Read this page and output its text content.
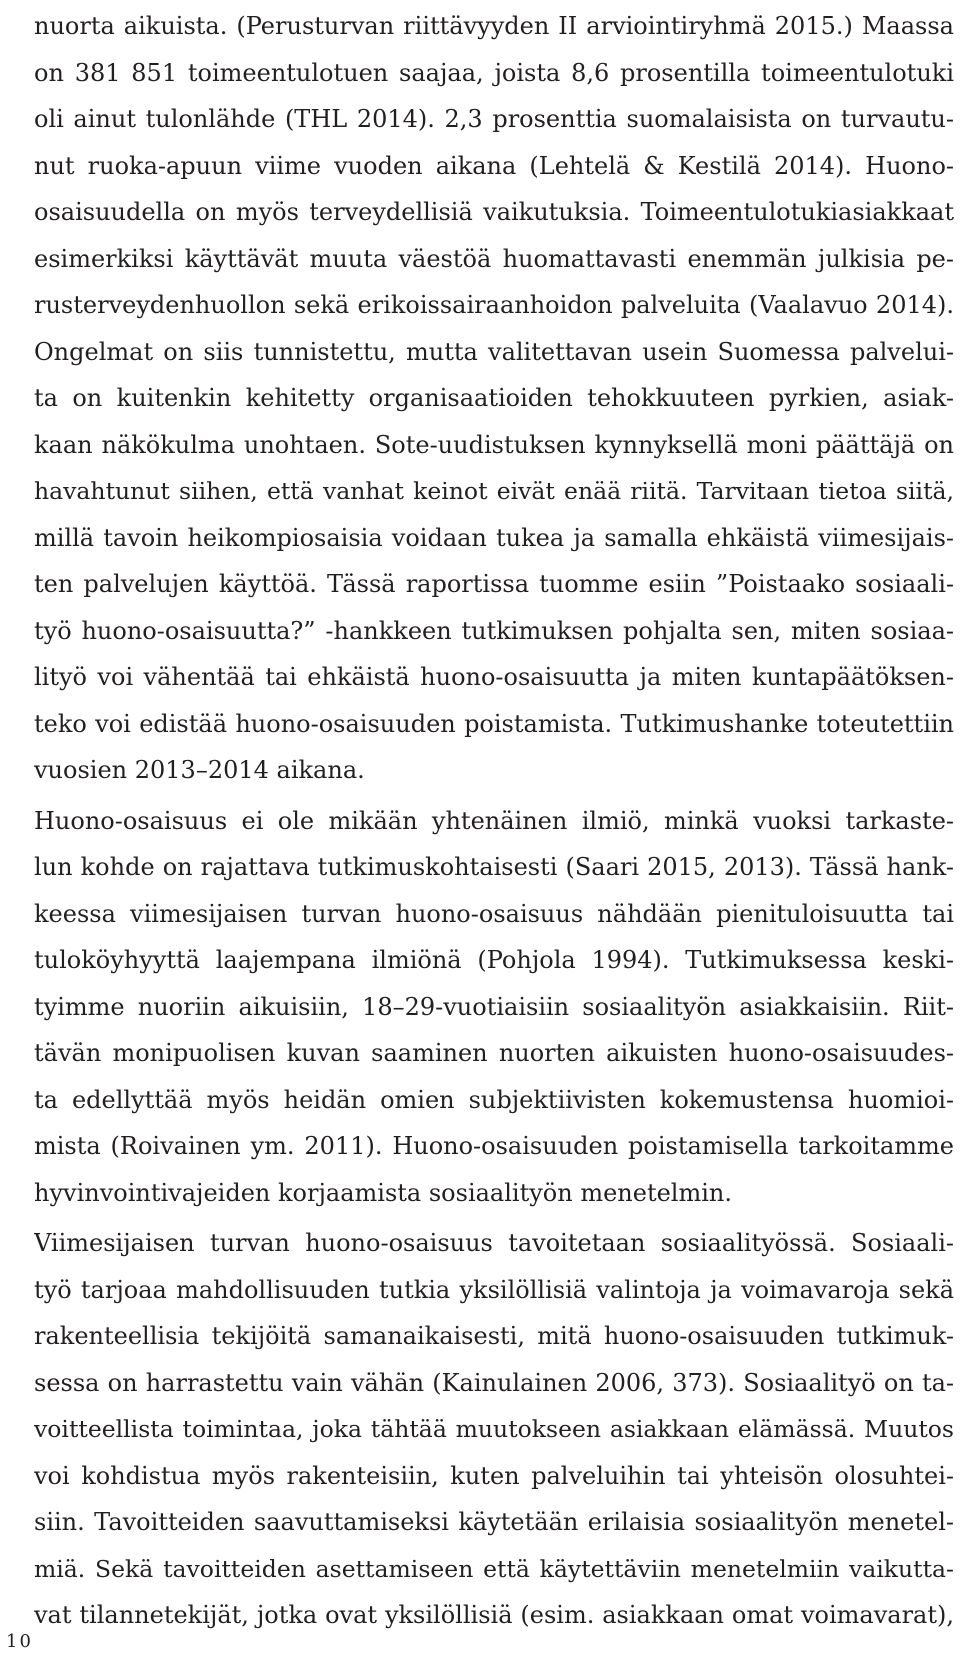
nuorta aikuista. (Perusturvan riittävyyden II arviointiryhmä 2015.) Maassa
on 381 851 toimeentulotuen saajaa, joista 8,6 prosentilla toimeentulotuki
oli ainut tulonlähde (THL 2014). 2,3 prosenttia suomalaisista on turvautu-
nut ruoka-apuun viime vuoden aikana (Lehtelä & Kestilä 2014). Huono-
osaisuudella on myös terveydellisiä vaikutuksia. Toimeentulotukiasiakkaat
esimerkiksi käyttävät muuta väestöä huomattavasti enemmän julkisia pe-
rusterveydenhuollon sekä erikoissairaanhoidon palveluita (Vaalavuo 2014).
Ongelmat on siis tunnistettu, mutta valitettavan usein Suomessa palvelui-
ta on kuitenkin kehitetty organisaatioiden tehokkuuteen pyrkien, asiak-
kaan näkökulma unohtaen. Sote-uudistuksen kynnyksellä moni päättäjä on
havahtunut siihen, että vanhat keinot eivät enää riitä. Tarvitaan tietoa siitä,
millä tavoin heikompiosaisia voidaan tukea ja samalla ehkäistä viimesijais-
ten palvelujen käyttöä. Tässä raportissa tuomme esiin ”Poistaako sosiaali-
työ huono-osaisuutta?” -hankkeen tutkimuksen pohjalta sen, miten sosiaa-
lityö voi vähentää tai ehkäistä huono-osaisuutta ja miten kuntapäätöksen-
teko voi edistää huono-osaisuuden poistamista. Tutkimushanke toteutettiin
vuosien 2013–2014 aikana.
Huono-osaisuus ei ole mikään yhtenäinen ilmiö, minkä vuoksi tarkaste-
lun kohde on rajattava tutkimuskohtaisesti (Saari 2015, 2013). Tässä hank-
keessa viimesijaisen turvan huono-osaisuus nähdään pienituloisuutta tai
tuloköyhyyttä laajempana ilmiönä (Pohjola 1994). Tutkimuksessa keski-
tyimme nuoriin aikuisiin, 18–29-vuotiaisiin sosiaalityön asiakkaisiin. Riit-
tävän monipuolisen kuvan saaminen nuorten aikuisten huono-osaisuudes-
ta edellyttää myös heidän omien subjektiivisten kokemustensa huomioi-
mista (Roivainen ym. 2011). Huono-osaisuuden poistamisella tarkoitamme
hyvinvointivajeiden korjaamista sosiaalityön menetelmin.
Viimesijaisen turvan huono-osaisuus tavoitetaan sosiaalityössä. Sosiaali-
työ tarjoaa mahdollisuuden tutkia yksilöllisiä valintoja ja voimavaroja sekä
rakenteellisia tekijöitä samanaikaisesti, mitä huono-osaisuuden tutkimuk-
sessa on harrastettu vain vähän (Kainulainen 2006, 373). Sosiaalityö on ta-
voitteellista toimintaa, joka tähtää muutokseen asiakkaan elämässä. Muutos
voi kohdistua myös rakenteisiin, kuten palveluihin tai yhteisön olosuhtei-
siin. Tavoitteiden saavuttamiseksi käytetään erilaisia sosiaalityön menetel-
miä. Sekä tavoitteiden asettamiseen että käytettäviin menetelmiin vaikutta-
vat tilannetekijät, jotka ovat yksilöllisiä (esim. asiakkaan omat voimavarat),
10
